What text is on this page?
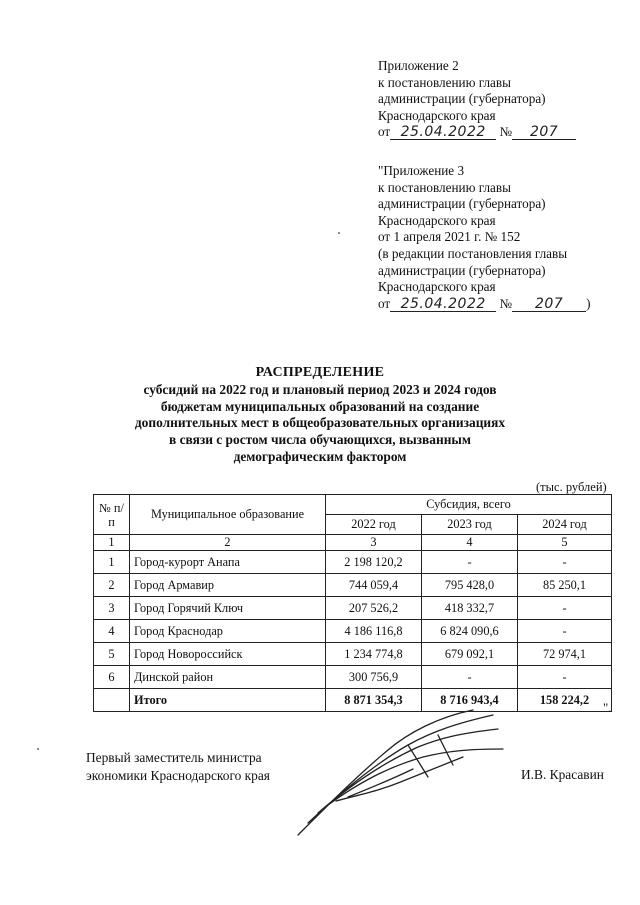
Приложение 2
к постановлению главы
администрации (губернатора)
Краснодарского края
от 25.04.2022 № 207
"Приложение 3
к постановлению главы
администрации (губернатора)
Краснодарского края
от 1 апреля 2021 г. № 152
(в редакции постановления главы
администрации (губернатора)
Краснодарского края
от 25.04.2022 № 207 )
РАСПРЕДЕЛЕНИЕ
субсидий на 2022 год и плановый период 2023 и 2024 годов
бюджетам муниципальных образований на создание
дополнительных мест в общеобразовательных организациях
в связи с ростом числа обучающихся, вызванным
демографическим фактором
(тыс. рублей)
№ п/п	Муниципальное образование	Субсидия, всего		
		2022 год	2023 год	2024 год
1	2	3	4	5
1	Город-курорт Анапа	2 198 120,2	-	-
2	Город Армавир	744 059,4	795 428,0	85 250,1
3	Город Горячий Ключ	207 526,2	418 332,7	-
4	Город Краснодар	4 186 116,8	6 824 090,6	-
5	Город Новороссийск	1 234 774,8	679 092,1	72 974,1
6	Динской район	300 756,9	-	-
	Итого	8 871 354,3	8 716 943,4	158 224,2
".
Первый заместитель министра
экономики Краснодарского края	И.В. Красавин
